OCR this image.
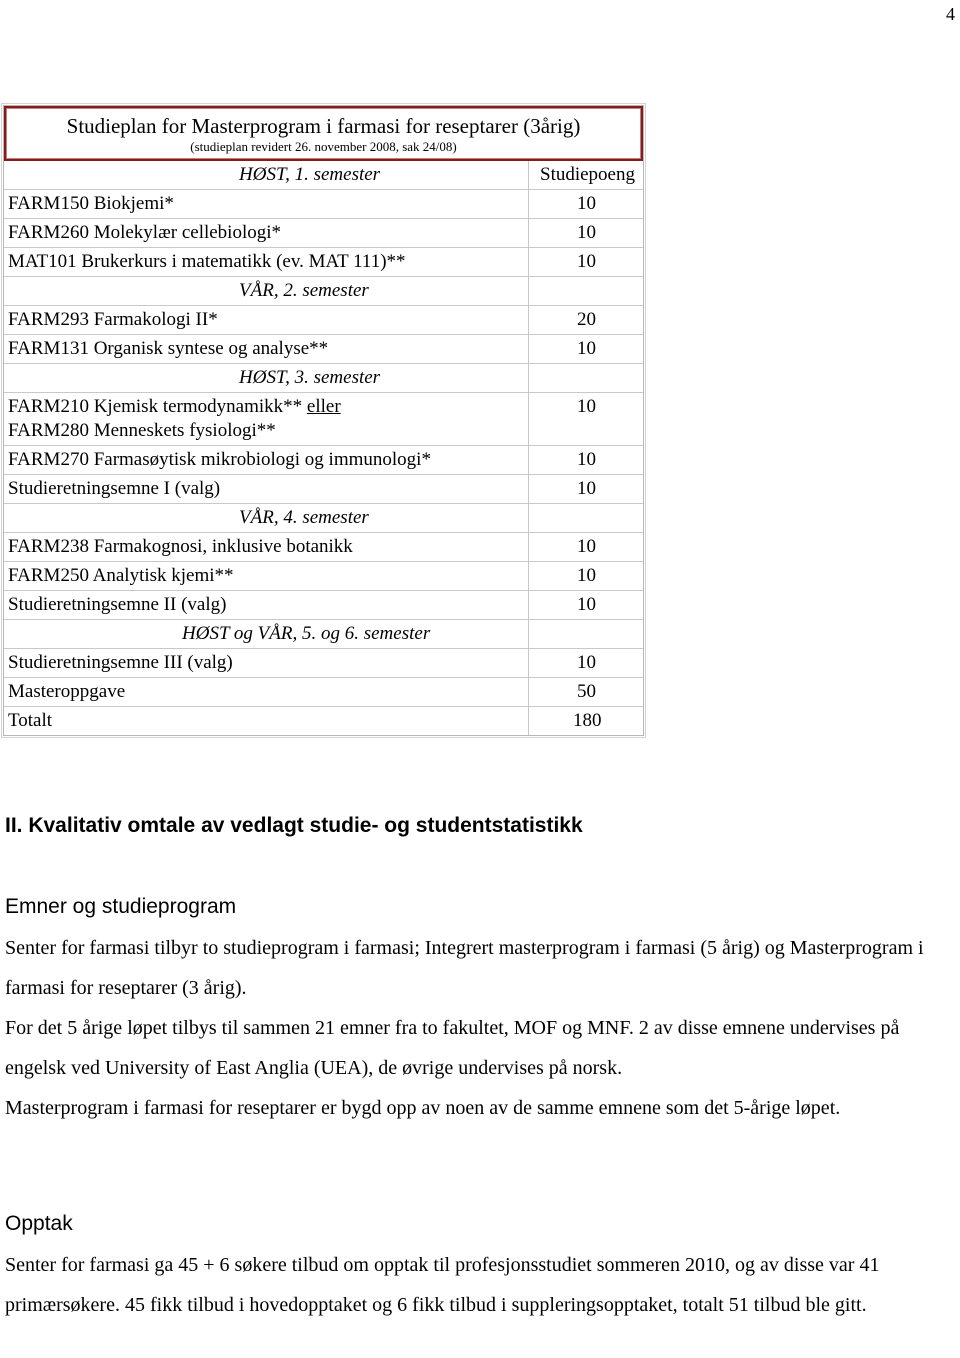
4
Studieplan for Masterprogram i farmasi for reseptarer (3årig)
(studieplan revidert 26. november 2008, sak 24/08)	

HØST, 1. semester	Studiepoeng
FARM150 Biokjemi*	10
FARM260 Molekylær cellebiologi*	10
MAT101 Brukerkurs i matematikk (ev. MAT 111)**	10
VÅR, 2. semester	
FARM293 Farmakologi II*	20
FARM131 Organisk syntese og analyse**	10
HØST, 3. semester	
FARM210 Kjemisk termodynamikk** eller
FARM280 Menneskets fysiologi**	10
FARM270 Farmasøytisk mikrobiologi og immunologi*	10
Studieretningsemne I (valg)	10
VÅR, 4. semester	
FARM238 Farmakognosi, inklusive botanikk	10
FARM250 Analytisk kjemi**	10
Studieretningsemne II (valg)	10
HØST og VÅR, 5. og 6. semester	
Studieretningsemne III (valg)	10
Masteroppgave	50
Totalt	180
II. Kvalitativ omtale av vedlagt studie- og studentstatistikk
Emner og studieprogram

Senter for farmasi tilbyr to studieprogram i farmasi; Integrert masterprogram i farmasi (5 årig) og Masterprogram i farmasi for reseptarer (3 årig).

For det 5 årige løpet tilbys til sammen 21 emner fra to fakultet, MOF og MNF. 2 av disse emnene undervises på engelsk ved University of East Anglia (UEA), de øvrige undervises på norsk.

Masterprogram i farmasi for reseptarer er bygd opp av noen av de samme emnene som det 5-årige løpet.

Opptak

Senter for farmasi ga 45 + 6 søkere tilbud om opptak til profesjonsstudiet sommeren 2010, og av disse var 41 primærsøkere. 45 fikk tilbud i hovedopptaket og 6 fikk tilbud i suppleringsopptaket, totalt 51 tilbud ble gitt.
